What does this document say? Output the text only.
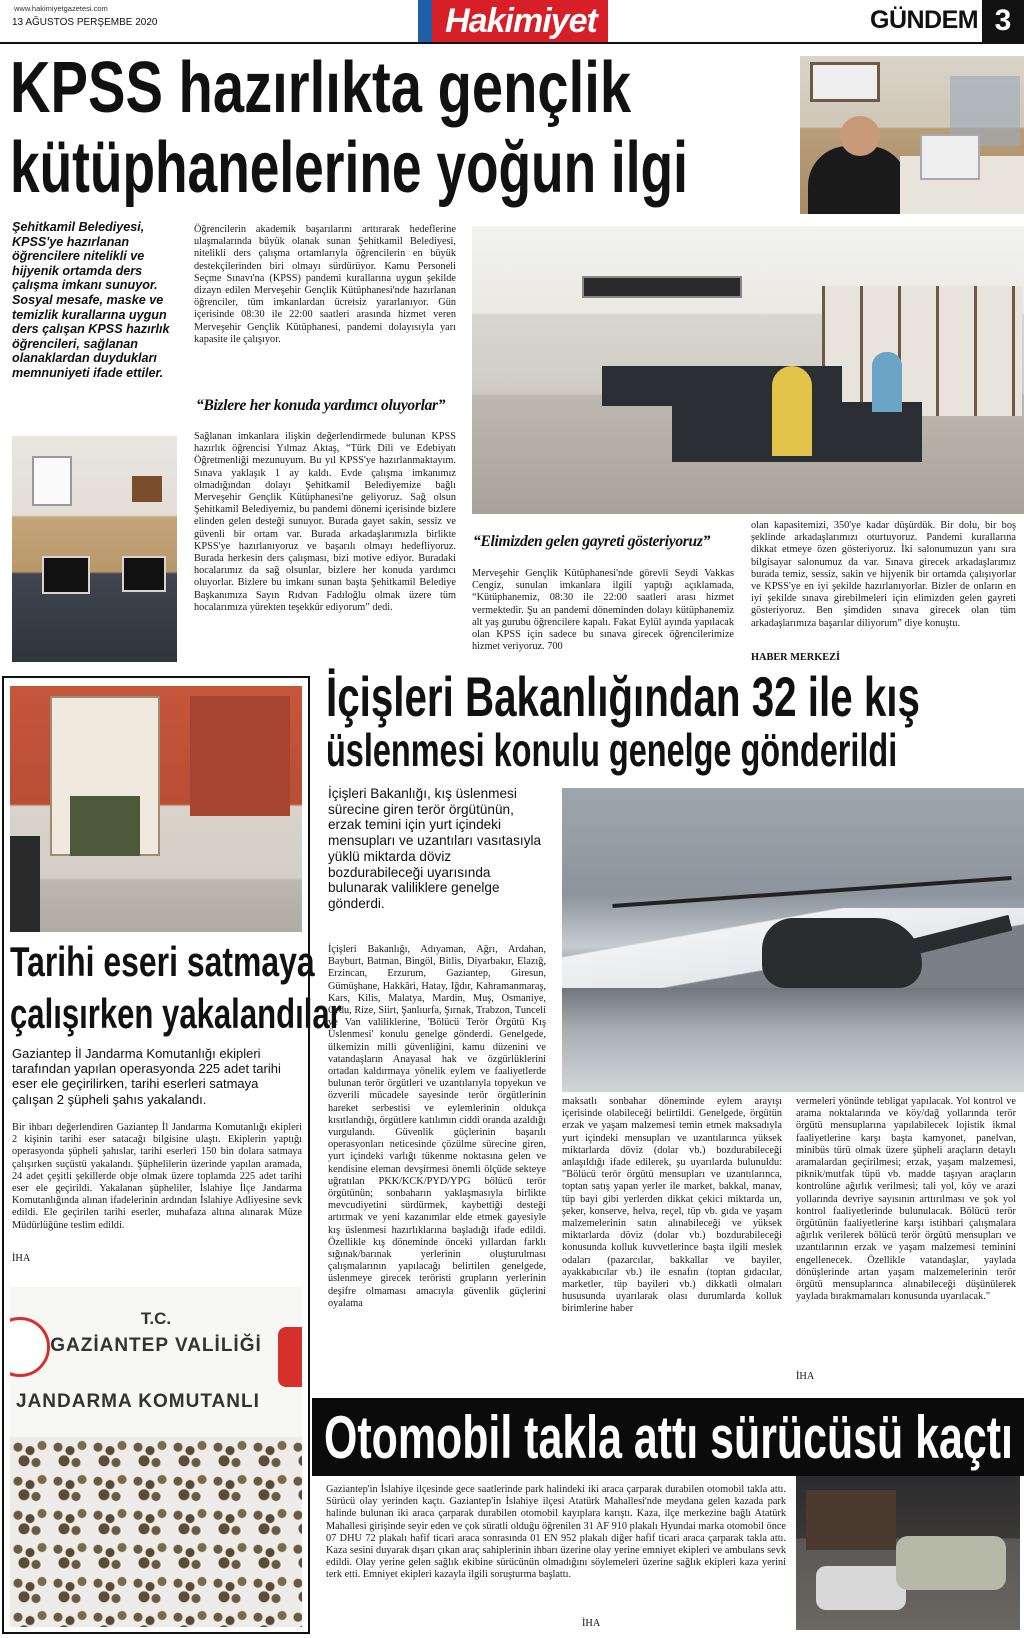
www.hakimiyetgazetesi.com
13 AĞUSTOS PERŞEMBE 2020	Hakimiyet	GÜNDEM 3
KPSS hazırlıkta gençlik
kütüphanelerine yoğun ilgi
Şehitkamil Belediyesi, KPSS'ye hazırlanan öğrencilere nitelikli ve hijyenik ortamda ders çalışma imkanı sunuyor. Sosyal mesafe, maske ve temizlik kurallarına uygun ders çalışan KPSS hazırlık öğrencileri, sağlanan olanaklardan duydukları memnuniyeti ifade ettiler.
Öğrencilerin akademik başarılarını arttırarak hedeflerine ulaşmalarında büyük olanak sunan Şehitkamil Belediyesi, nitelikli ders çalışma ortamlarıyla öğrencilerin en büyük destekçilerinden biri olmayı sürdürüyor. Kamu Personeli Seçme Sınavı'na (KPSS) pandemi kurallarına uygun şekilde dizayn edilen Merveşehir Gençlik Kütüphanesi'nde hazırlanan öğrenciler, tüm imkanlardan ücretsiz yararlanıyor. Gün içerisinde 08:30 ile 22:00 saatleri arasında hizmet veren Merveşehir Gençlik Kütüphanesi, pandemi dolayısıyla yarı kapasite ile çalışıyor.
“Bizlere her konuda yardımcı oluyorlar”
Sağlanan imkanlara ilişkin değerlendirmede bulunan KPSS hazırlık öğrencisi Yılmaz Aktaş, “Türk Dili ve Edebiyatı Öğretmenliği mezunuyum. Bu yıl KPSS'ye hazırlanmaktayım. Sınava yaklaşık 1 ay kaldı. Evde çalışma imkanımız olmadığından dolayı Şehitkamil Belediyemize bağlı Merveşehir Gençlik Kütüphanesi'ne geliyoruz. Sağ olsun Şehitkamil Belediyemiz, bu pandemi dönemi içerisinde bizlere elinden gelen desteği sunuyor. Burada gayet sakin, sessiz ve güvenli bir ortam var. Burada arkadaşlarımızla birlikte KPSS'ye hazırlanıyoruz ve başarılı olmayı hedefliyoruz. Burada herkesin ders çalışması, bizi motive ediyor. Buradaki hocalarımız da sağ olsunlar, bizlere her konuda yardımcı oluyorlar. Bizlere bu imkanı sunan başta Şehitkamil Belediye Başkanımıza Sayın Rıdvan Fadıloğlu olmak üzere tüm hocalarımıza yürekten teşekkür ediyorum” dedi.
“Elimizden gelen gayreti gösteriyoruz”
Merveşehir Gençlik Kütüphanesi'nde görevli Seydi Vakkas Cengiz, sunulan imkanlara ilgili yaptığı açıklamada, “Kütüphanemiz, 08:30 ile 22:00 saatleri arası hizmet vermektedir. Şu an pandemi döneminden dolayı kütüphanemiz alt yaş gurubu öğrencilere kapalı. Fakat Eylül ayında yapılacak olan KPSS için sadece bu sınava girecek öğrencilerimize hizmet veriyoruz. 700
olan kapasitemizi, 350'ye kadar düşürdük. Bir dolu, bir boş şeklinde arkadaşlarımızı oturtuyoruz. Pandemi kurallarına dikkat etmeye özen gösteriyoruz. İki salonumuzun yanı sıra bilgisayar salonumuz da var. Sınava girecek arkadaşlarımız burada temiz, sessiz, sakin ve hijyenik bir ortamda çalışıyorlar ve KPSS'ye en iyi şekilde hazırlanıyorlar. Bizler de onların en iyi şekilde sınava girebilmeleri için elimizden gelen gayreti gösteriyoruz. Ben şimdiden sınava girecek olan tüm arkadaşlarımıza başarılar diliyorum” diye konuştu.
HABER MERKEZİ
Tarihi eseri satmaya
çalışırken yakalandılar
Gaziantep İl Jandarma Komutanlığı ekipleri tarafından yapılan operasyonda 225 adet tarihi eser ele geçirilirken, tarihi eserleri satmaya çalışan 2 şüpheli şahıs yakalandı.
Bir ihbarı değerlendiren Gaziantep İl Jandarma Komutanlığı ekipleri 2 kişinin tarihi eser satacağı bilgisine ulaştı. Ekiplerin yaptığı operasyonda şüpheli şahıslar, tarihi eserleri 150 bin dolara satmaya çalışırken suçüstü yakalandı. Şüphelilerin üzerinde yapılan aramada, 24 adet çeşitli şekillerde obje olmak üzere toplamda 225 adet tarihi eser ele geçirildi. Yakalanan şüpheliler, İslahiye İlçe Jandarma Komutanlığında alınan ifadelerinin ardından İslahiye Adliyesine sevk edildi. Ele geçirilen tarihi eserler, muhafaza altına alınarak Müze Müdürlüğüne teslim edildi.
İHA
T.C.
GAZİANTEP VALİLİĞİ
JANDARMA KOMUTANLI
İçişleri Bakanlığından 32 ile kış
üslenmesi konulu genelge gönderildi
İçişleri Bakanlığı, kış üslenmesi sürecine giren terör örgütünün, erzak temini için yurt içindeki mensupları ve uzantıları vasıtasıyla yüklü miktarda döviz bozdurabileceği uyarısında bulunarak valiliklere genelge gönderdi.
İçişleri Bakanlığı, Adıyaman, Ağrı, Ardahan, Bayburt, Batman, Bingöl, Bitlis, Diyarbakır, Elazığ, Erzincan, Erzurum, Gaziantep, Giresun, Gümüşhane, Hakkâri, Hatay, Iğdır, Kahramanmaraş, Kars, Kilis, Malatya, Mardin, Muş, Osmaniye, Ordu, Rize, Siirt, Şanlıurfa, Şırnak, Trabzon, Tunceli ve Van valiliklerine, 'Bölücü Terör Örgütü Kış Üslenmesi' konulu genelge gönderdi. Genelgede, ülkemizin milli güvenliğini, kamu düzenini ve vatandaşların Anayasal hak ve özgürlüklerini ortadan kaldırmaya yönelik eylem ve faaliyetlerde bulunan terör örgütleri ve uzantılarıyla topyekun ve özverili mücadele sayesinde terör örgütlerinin hareket serbestisi ve eylemlerinin oldukça kısıtlandığı, örgütlere katılımın ciddi oranda azaldığı vurgulandı. Güvenlik güçlerinin başarılı operasyonları neticesinde çözülme sürecine giren, yurt içindeki varlığı tükenme noktasına gelen ve kendisine eleman devşirmesi önemli ölçüde sekteye uğratılan PKK/KCK/PYD/YPG bölücü terör örgütünün; sonbaharın yaklaşmasıyla birlikte mevcudiyetini sürdürmek, kaybettiği desteği artırmak ve yeni kazanımlar elde etmek gayesiyle kış üslenmesi hazırlıklarına başladığı ifade edildi. Özellikle kış döneminde önceki yıllardan farklı sığınak/barınak yerlerinin oluşturulması çalışmalarının yapılacağı belirtilen genelgede, üslenmeye girecek teröristi grupların yerlerinin deşifre olmaması amacıyla güvenlik güçlerini oyalama
maksatlı sonbahar döneminde eylem arayışı içerisinde olabileceği belirtildi. Genelgede, örgütün erzak ve yaşam malzemesi temin etmek maksadıyla yurt içindeki mensupları ve uzantılarınca yüksek miktarlarda döviz (dolar vb.) bozdurabileceği anlaşıldığı ifade edilerek, şu uyarılarda bulunuldu: "Bölücü terör örgütü mensupları ve uzantılarınca, toptan satış yapan yerler ile market, bakkal, manav, tüp bayi gibi yerlerden dikkat çekici miktarda un, şeker, konserve, helva, reçel, tüp vb. gıda ve yaşam malzemelerinin satın alınabileceği ve yüksek miktarlarda döviz (dolar vb.) bozdurabileceği konusunda kolluk kuvvetlerince başta ilgili meslek odaları (pazarcılar, bakkallar ve bayiler, ayakkabıcılar vb.) ile esnafın (toptan gıdacılar, marketler, tüp bayileri vb.) dikkatli olmaları hususunda uyarılarak olası durumlarda kolluk birimlerine haber
vermeleri yönünde tebligat yapılacak. Yol kontrol ve arama noktalarında ve köy/dağ yollarında terör örgütü mensuplarına yapılabilecek lojistik ikmal faaliyetlerine karşı başta kamyonet, panelvan, minibüs türü olmak üzere şüpheli araçların detaylı aramalardan geçirilmesi; erzak, yaşam malzemesi, piknik/mutfak tüpü vb. madde taşıyan araçların kontrolüne ağırlık verilmesi; tali yol, köy ve arazi yollarında devriye sayısının arttırılması ve şok yol kontrol faaliyetlerinde bulunulacak. Bölücü terör örgütünün faaliyetlerine karşı istihbari çalışmalara ağırlık verilerek bölücü terör örgütü mensupları ve uzantılarının erzak ve yaşam malzemesi teminini engellenecek. Özellikle vatandaşlar, yaylada dönüşlerinde artan yaşam malzemelerinin terör örgütü mensuplarınca alınabileceği düşünülerek yaylada bırakmamaları konusunda uyarılacak."
İHA
Otomobil takla attı sürücüsü kaçtı
Gaziantep'in İslahiye ilçesinde gece saatlerinde park halindeki iki araca çarparak durabilen otomobil takla attı. Sürücü olay yerinden kaçtı. Gaziantep'in İslahiye ilçesi Atatürk Mahallesi'nde meydana gelen kazada park halinde bulunan iki araca çarparak durabilen otomobil kayıplara karıştı. Kaza, ilçe merkezine bağlı Atatürk Mahallesi girişinde seyir eden ve çok süratli olduğu öğrenilen 31 AF 910 plakalı Hyundai marka otomobil önce 07 DHU 72 plakalı hafif ticari araca sonrasında 01 EN 952 plakalı diğer hafif ticari araca çarparak takla attı. Kaza sesini duyarak dışarı çıkan araç sahiplerinin ihbarı üzerine olay yerine emniyet ekipleri ve ambulans sevk edildi. Olay yerine gelen sağlık ekibine sürücünün olmadığını söylemeleri üzerine sağlık ekipleri kaza yerini terk etti. Emniyet ekipleri kazayla ilgili soruşturma başlattı.
İHA
